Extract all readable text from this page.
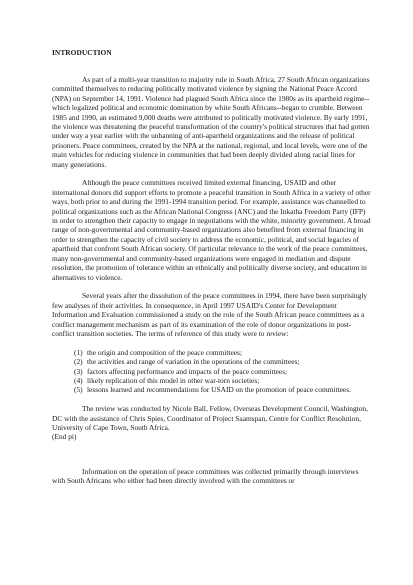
INTRODUCTION

As part of a multi-year transition to majority rule in South Africa, 27 South African organizations committed themselves to reducing politically motivated violence by signing the National Peace Accord (NPA) on September 14, 1991. Violence had plagued South Africa since the 1980s as its apartheid regime--which legalized political and economic domination by white South Africans--began to crumble. Between 1985 and 1990, an estimated 9,000 deaths were attributed to politically motivated violence. By early 1991, the violence was threatening the peaceful transformation of the country's political structures that had gotten under way a year earlier with the unbanning of anti-apartheid organizations and the release of political prisoners. Peace committees, created by the NPA at the national, regional, and local levels, were one of the main vehicles for reducing violence in communities that had been deeply divided along racial lines for many generations.

Although the peace committees received limited external financing, USAID and other international donors did support efforts to promote a peaceful transition in South Africa in a variety of other ways, both prior to and during the 1991-1994 transition period. For example, assistance was channelled to political organizations such as the African National Congress (ANC) and the Inkatha Freedom Party (IFP) in order to strengthen their capacity to engage in negotiations with the white, minority government. A broad range of non-governmental and community-based organizations also benefited from external financing in order to strengthen the capacity of civil society to address the economic, political, and social legacies of apartheid that confront South African society. Of particular relevance to the work of the peace committees, many non-governmental and community-based organizations were engaged in mediation and dispute resolution, the promotion of tolerance within an ethnically and politically diverse society, and education in alternatives to violence.

Several years after the dissolution of the peace committees in 1994, there have been surprisingly few analyses of their activities. In consequence, in April 1997 USAID's Center for Development Information and Evaluation commissioned a study on the role of the South African peace committees as a conflict management mechanism as part of its examination of the role of donor organizations in post-conflict transition societies. The terms of reference of this study were to review:

(1) the origin and composition of the peace committees;
(2) the activities and range of variation in the operations of the committees;
(3) factors affecting performance and impacts of the peace committees;
(4) likely replication of this model in other war-torn societies;
(5) lessons learned and recommendations for USAID on the promotion of peace committees.

The review was conducted by Nicole Ball, Fellow, Overseas Development Council, Washington, DC with the assistance of Chris Spies, Coordinator of Project Saamspan, Centre for Conflict Resolution, University of Cape Town, South Africa.

(End pi)

Information on the operation of peace committees was collected primarily through interviews with South Africans who either had been directly involved with the committees or
